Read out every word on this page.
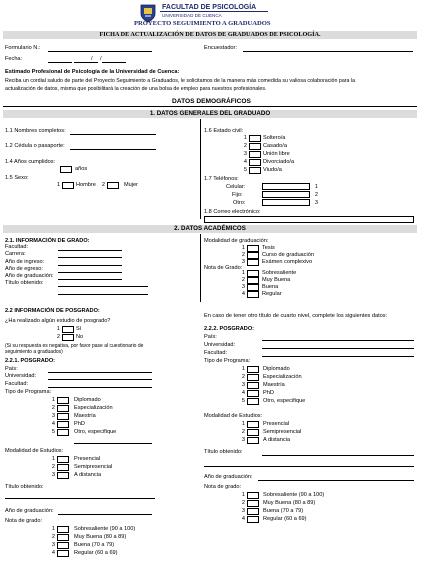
FACULTAD DE PSICOLOGÍA
UNIVERSIDAD DE CUENCA
PROYECTO SEGUIMIENTO A GRADUADOS
FICHA DE ACTUALIZACIÓN DE DATOS DE GRADUADOS DE PSICOLOGÍA.
Formulario N.:	Encuestador:
Fecha:	/ /
Estimado Profesional de Psicología de la Universidad de Cuenca:
Reciba un cordial saludo de parte del Proyecto Seguimiento a Graduados, le solicitamos de la manera más comedida su valiosa colaboración para la
actualización de datos, misma que posibilitará la creación de una bolsa de empleo para nuestros profesionales.
DATOS DEMOGRÁFICOS
1. DATOS GENERALES DEL GRADUADO
1.1 Nombres completos:
1.2 Cédula o pasaporte:
1.4 Años cumplidos:
años
1.5 Sexo:
1	Hombre	2	Mujer
1.6 Estado civil:
1	Soltero/a
2	Casado/a
3	Unión libre
4	Divorciado/a
5	Viudo/a
1.7 Teléfonos:
Celular:	1
Fijo:	2
Otro:	3
1.8 Correo electrónico:
2. DATOS ACADÉMICOS
2.1. INFORMACIÓN DE GRADO:
Facultad:
Carrera:
Año de ingreso:
Año de egreso:
Año de graduación:
Título obtenido:
Modalidad de graduación:
1	Tesis
2	Curso de graduación
3	Exámen complexivo
Nota de Grado:
1	Sobresaliente
2	Muy Buena
3	Buena
4	Regular
2.2 INFORMACIÓN DE POSGRADO:
¿Ha realizado algún estudio de posgrado?
1	Sí
2	No
(Si su respuesta es negativa, por favor pase al cuestionario de
seguimiento a graduados)
En caso de tener otro título de cuarto nivel, complete los siguientes datos:
2.2.1. POSGRADO:
País:
Universidad:
Facultad:
Tipo de Programa:
1	Diplomado
2	Especialización
3	Maestría
4	PhD
5	Otro, especifique
Modalidad de Estudios:
1	Presencial
2	Semipresencial
3	A distancia
Título obtenido:
Año de graduación:
Nota de grado:
1	Sobresaliente (90 a 100)
2	Muy Buena (80 a 89)
3	Buena (70 a 79)
4	Regular (60 a 69)
2.2.2. POSGRADO:
País:
Universidad:
Facultad:
Tipo de Programa:
1	Diplomado
2	Especialización
3	Maestría
4	PhD
5	Otro, especifique
Modalidad de Estudios:
1	Presencial
2	Semipresencial
3	A distancia
Título obtenido:
Año de graduación:
Nota de grado:
1	Sobresaliente (90 a 100)
2	Muy Buena (80 a 89)
3	Buena (70 a 79)
4	Regular (60 a 69)
